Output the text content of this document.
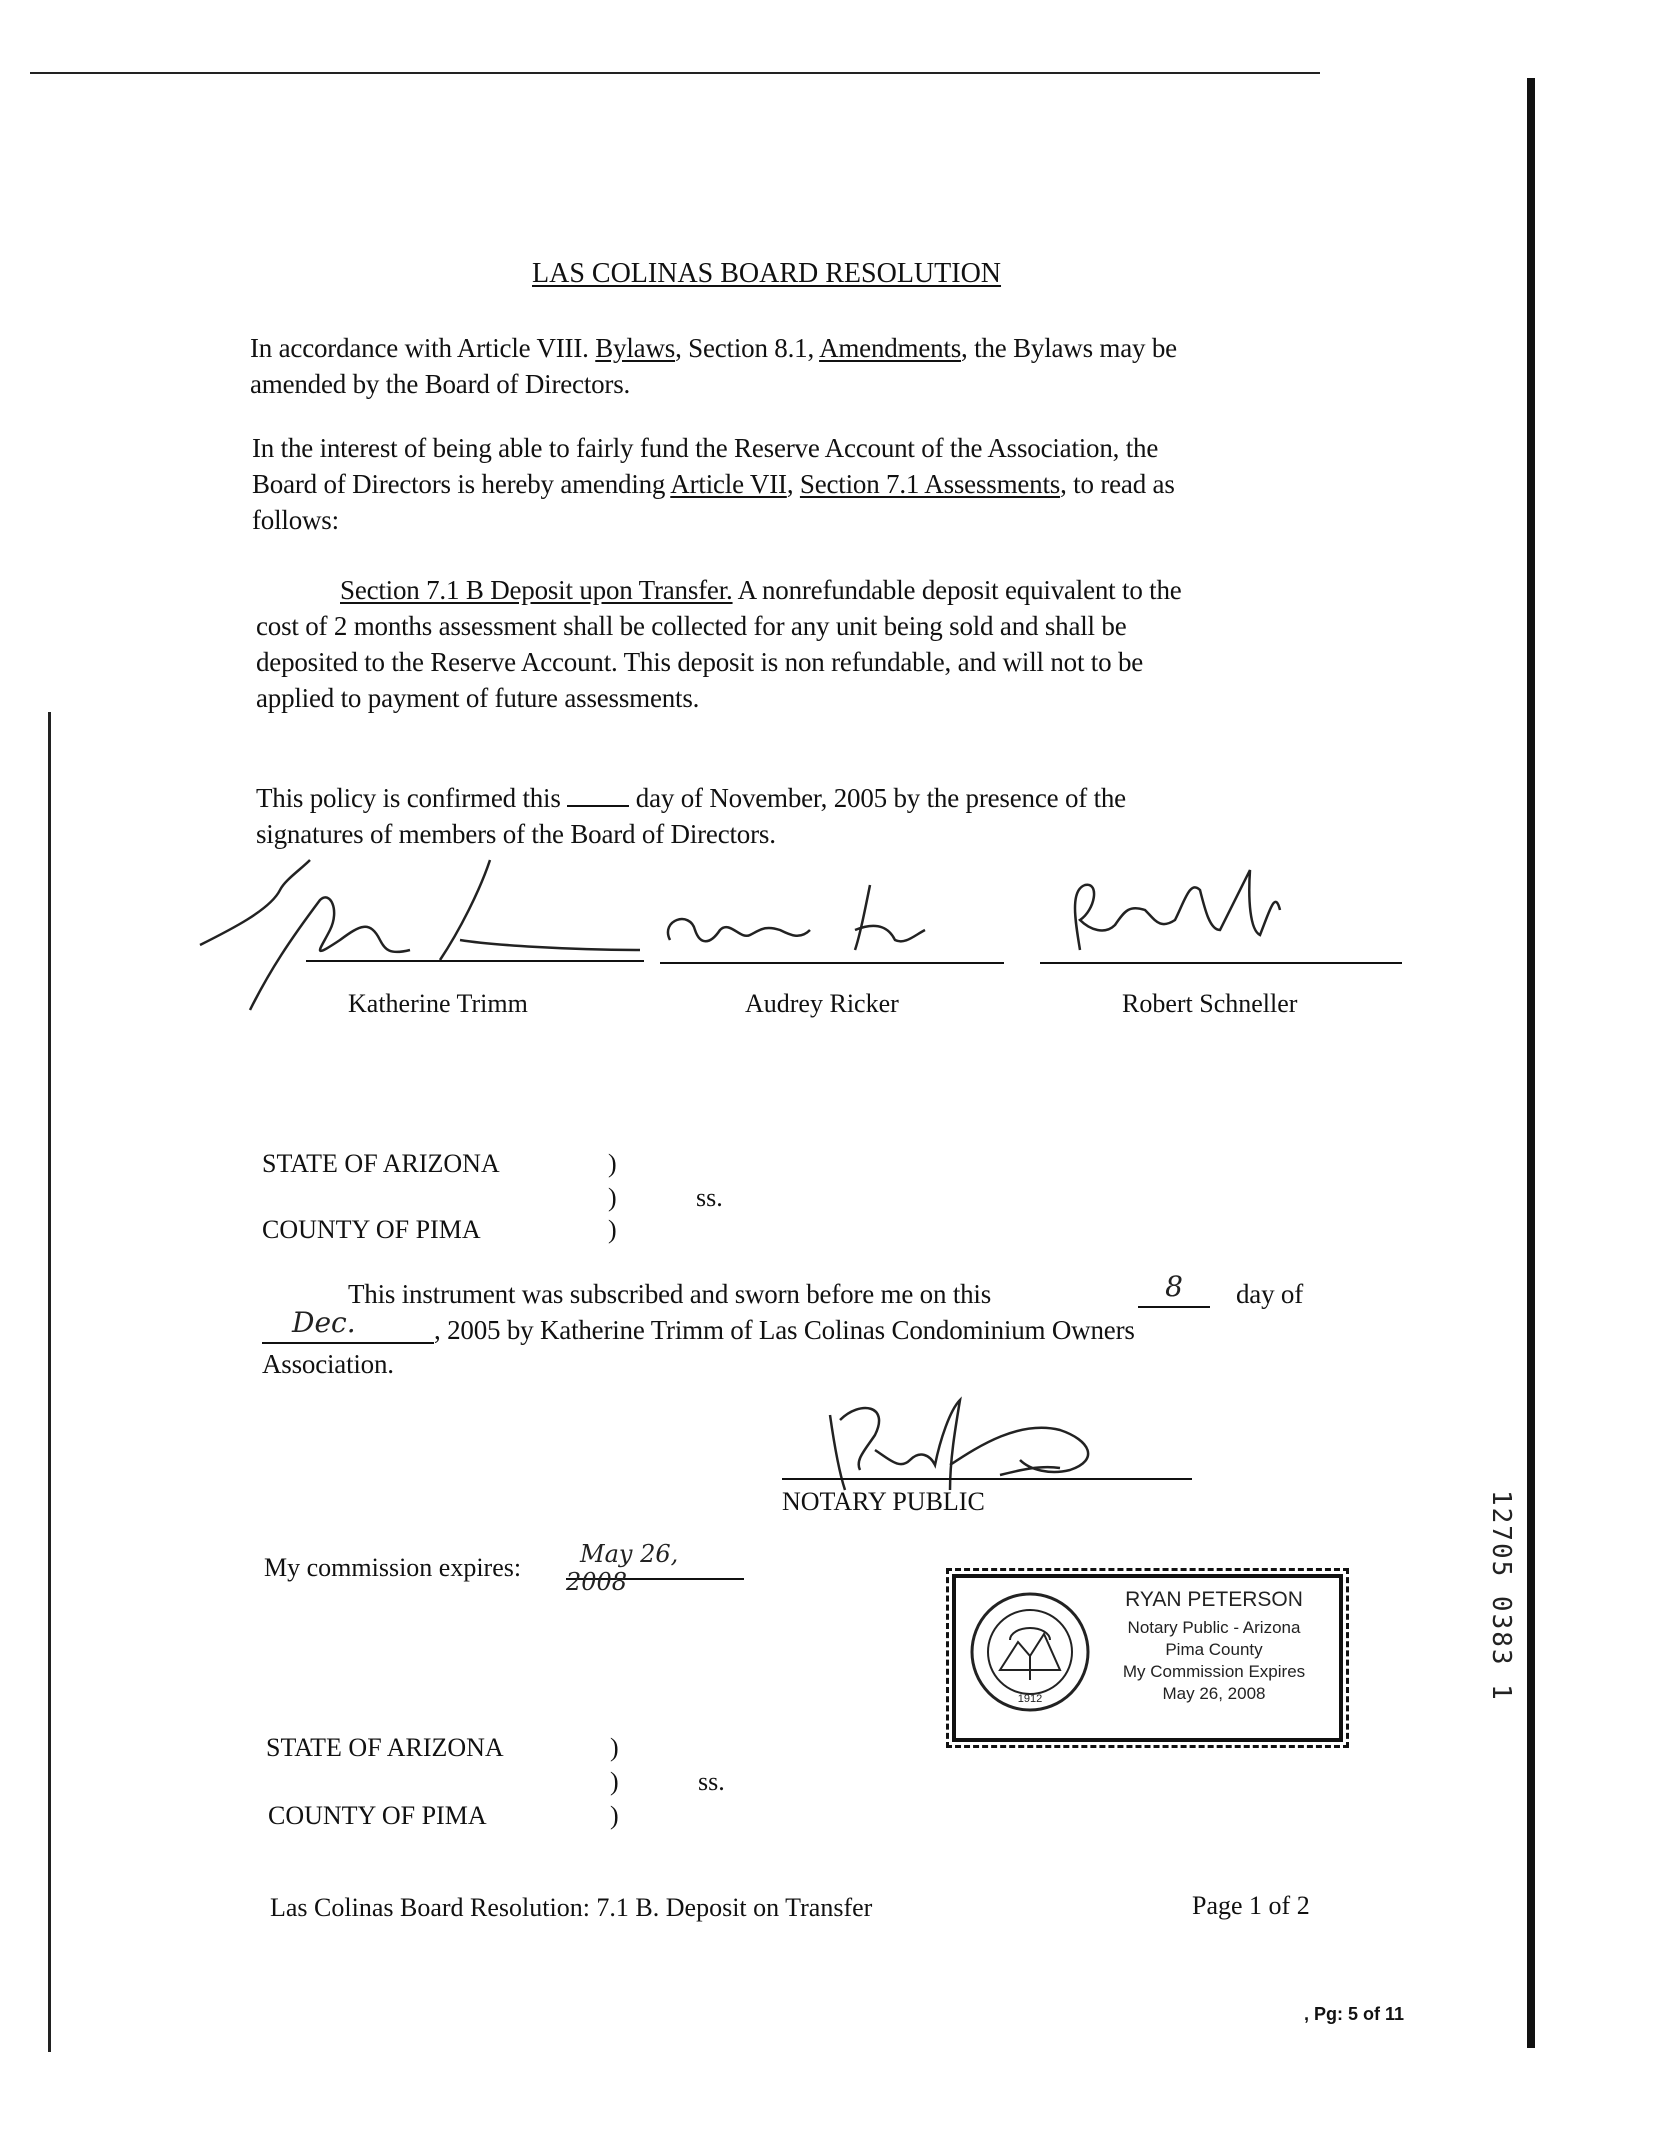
LAS COLINAS BOARD RESOLUTION
In accordance with Article VIII. Bylaws, Section 8.1, Amendments, the Bylaws may be
amended by the Board of Directors.
In the interest of being able to fairly fund the Reserve Account of the Association, the
Board of Directors is hereby amending Article VII, Section 7.1 Assessments, to read as
follows:
Section 7.1 B Deposit upon Transfer. A nonrefundable deposit equivalent to the
cost of 2 months assessment shall be collected for any unit being sold and shall be
deposited to the Reserve Account. This deposit is non refundable, and will not to be
applied to payment of future assessments.
This policy is confirmed this  day of November, 2005 by the presence of the
signatures of members of the Board of Directors.
Katherine Trimm	Audrey Ricker	Robert Schneller
STATE OF ARIZONA	)
)	ss.
COUNTY OF PIMA	)
This instrument was subscribed and sworn before me on this	8	day of
Dec.	, 2005 by Katherine Trimm of Las Colinas Condominium Owners
Association.
NOTARY PUBLIC
My commission expires:	May 26, 2008
1912
RYAN PETERSON
Notary Public - Arizona
Pima County
My Commission Expires
May 26, 2008
STATE OF ARIZONA	)
)	ss.
COUNTY OF PIMA	)
Las Colinas Board Resolution: 7.1 B. Deposit on Transfer	Page 1 of 2
, Pg: 5 of 11
12705 0383 1
